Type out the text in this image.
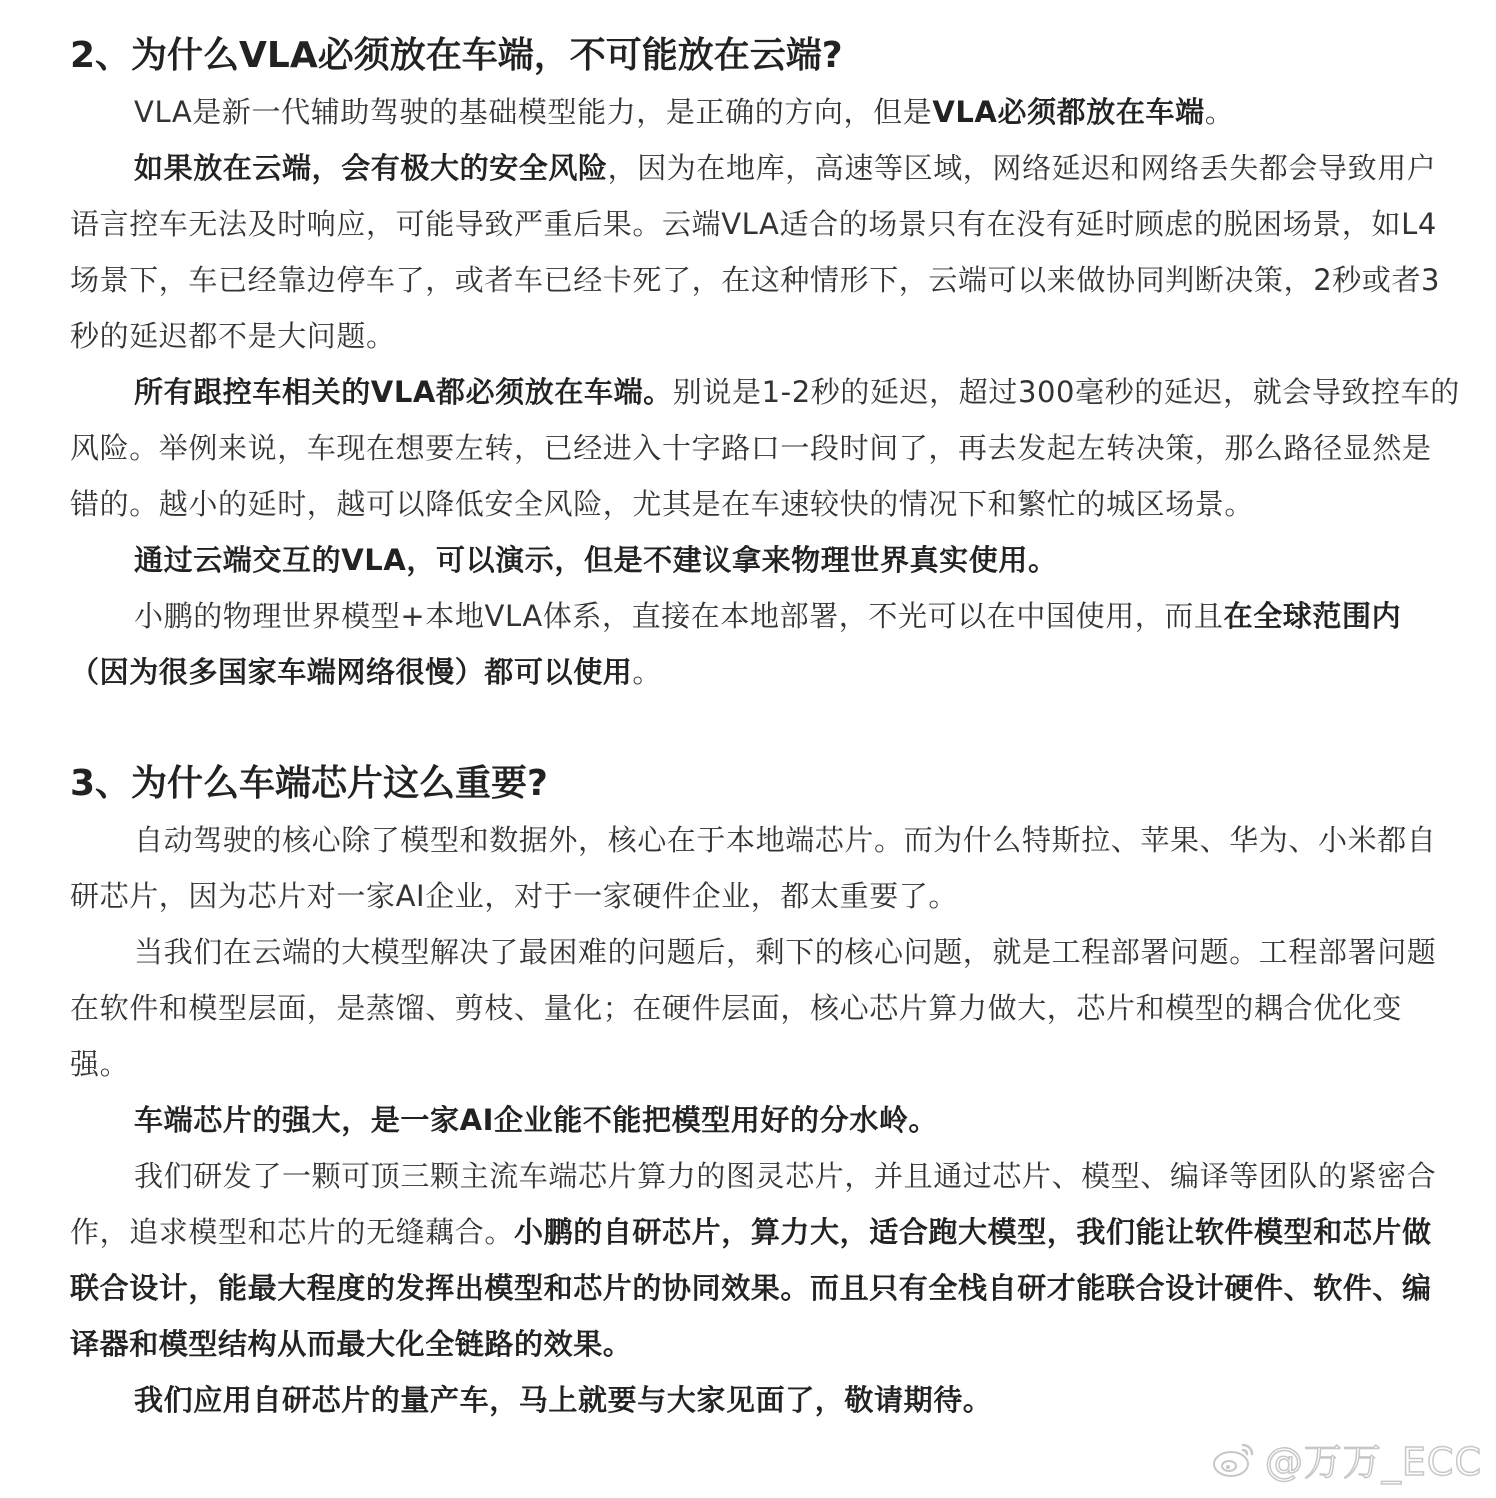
2、为什么VLA必须放在车端，不可能放在云端?

VLA是新一代辅助驾驶的基础模型能力，是正确的方向，但是VLA必须都放在车端。

如果放在云端，会有极大的安全风险，因为在地库，高速等区域，网络延迟和网络丢失都会导致用户语言控车无法及时响应，可能导致严重后果。云端VLA适合的场景只有在没有延时顾虑的脱困场景，如L4场景下，车已经靠边停车了，或者车已经卡死了，在这种情形下，云端可以来做协同判断决策，2秒或者3秒的延迟都不是大问题。

所有跟控车相关的VLA都必须放在车端。别说是1-2秒的延迟，超过300毫秒的延迟，就会导致控车的风险。举例来说，车现在想要左转，已经进入十字路口一段时间了，再去发起左转决策，那么路径显然是错的。越小的延时，越可以降低安全风险，尤其是在车速较快的情况下和繁忙的城区场景。

通过云端交互的VLA，可以演示，但是不建议拿来物理世界真实使用。

小鹏的物理世界模型+本地VLA体系，直接在本地部署，不光可以在中国使用，而且在全球范围内（因为很多国家车端网络很慢）都可以使用。

3、为什么车端芯片这么重要?

自动驾驶的核心除了模型和数据外，核心在于本地端芯片。而为什么特斯拉、苹果、华为、小米都自研芯片，因为芯片对一家AI企业，对于一家硬件企业，都太重要了。

当我们在云端的大模型解决了最困难的问题后，剩下的核心问题，就是工程部署问题。工程部署问题在软件和模型层面，是蒸馏、剪枝、量化；在硬件层面，核心芯片算力做大，芯片和模型的耦合优化变强。

车端芯片的强大，是一家AI企业能不能把模型用好的分水岭。

我们研发了一颗可顶三颗主流车端芯片算力的图灵芯片，并且通过芯片、模型、编译等团队的紧密合作，追求模型和芯片的无缝藕合。小鹏的自研芯片，算力大，适合跑大模型，我们能让软件模型和芯片做联合设计，能最大程度的发挥出模型和芯片的协同效果。而且只有全栈自研才能联合设计硬件、软件、编译器和模型结构从而最大化全链路的效果。

我们应用自研芯片的量产车，马上就要与大家见面了，敬请期待。

@万万_ECC
